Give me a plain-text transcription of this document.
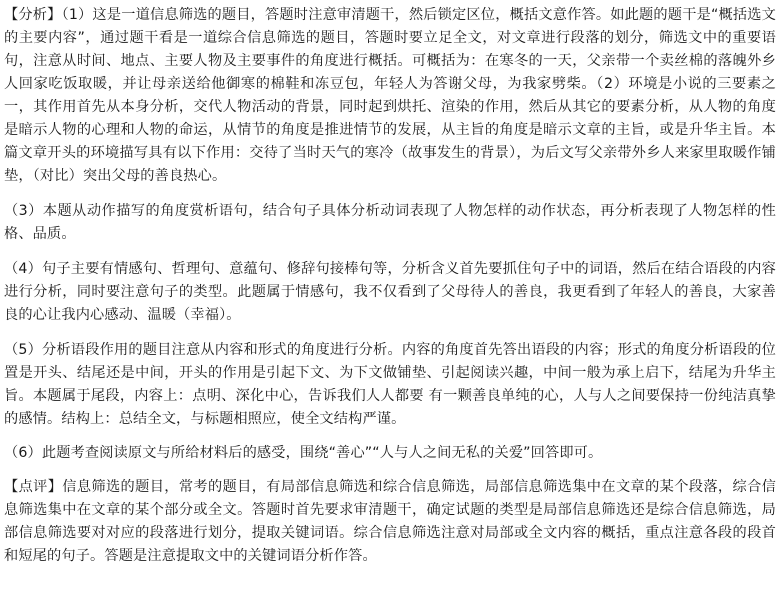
【分析】（1）这是一道信息筛选的题目，答题时注意审清题干，然后锁定区位，概括文意作答。如此题的题干是“概括选文的主要内容”，通过题干看是一道综合信息筛选的题目，答题时要立足全文，对文章进行段落的划分，筛选文中的重要语句，注意从时间、地点、主要人物及主要事件的角度进行概括。可概括为：在寒冬的一天，父亲带一个卖丝棉的落魄外乡人回家吃饭取暖，并让母亲送给他御寒的棉鞋和冻豆包，年轻人为答谢父母，为我家劈柴。（2）环境是小说的三要素之一，其作用首先从本身分析，交代人物活动的背景，同时起到烘托、渲染的作用，然后从其它的要素分析，从人物的角度是暗示人物的心理和人物的命运，从情节的角度是推进情节的发展，从主旨的角度是暗示文章的主旨，或是升华主旨。本篇文章开头的环境描写具有以下作用：交待了当时天气的寒冷（故事发生的背景），为后文写父亲带外乡人来家里取暖作铺垫，（对比）突出父母的善良热心。

（3）本题从动作描写的角度赏析语句，结合句子具体分析动词表现了人物怎样的动作状态，再分析表现了人物怎样的性格、品质。

（4）句子主要有情感句、哲理句、意蕴句、修辞句接棒句等，分析含义首先要抓住句子中的词语，然后在结合语段的内容进行分析，同时要注意句子的类型。此题属于情感句，我不仅看到了父母待人的善良，我更看到了年轻人的善良，大家善良的心让我内心感动、温暖（幸福）。

（5）分析语段作用的题目注意从内容和形式的角度进行分析。内容的角度首先答出语段的内容；形式的角度分析语段的位置是开头、结尾还是中间，开头的作用是引起下文、为下文做铺垫、引起阅读兴趣，中间一般为承上启下，结尾为升华主旨。本题属于尾段，内容上：点明、深化中心，告诉我们人人都要 有一颗善良单纯的心，人与人之间要保持一份纯洁真挚的感情。结构上：总结全文，与标题相照应，使全文结构严谨。

（6）此题考查阅读原文与所给材料后的感受，围绕“善心”“人与人之间无私的关爱”回答即可。

【点评】信息筛选的题目，常考的题目，有局部信息筛选和综合信息筛选，局部信息筛选集中在文章的某个段落，综合信息筛选集中在文章的某个部分或全文。答题时首先要求审清题干，确定试题的类型是局部信息筛选还是综合信息筛选，局部信息筛选要对对应的段落进行划分，提取关键词语。综合信息筛选注意对局部或全文内容的概括，重点注意各段的段首和短尾的句子。答题是注意提取文中的关键词语分析作答。
